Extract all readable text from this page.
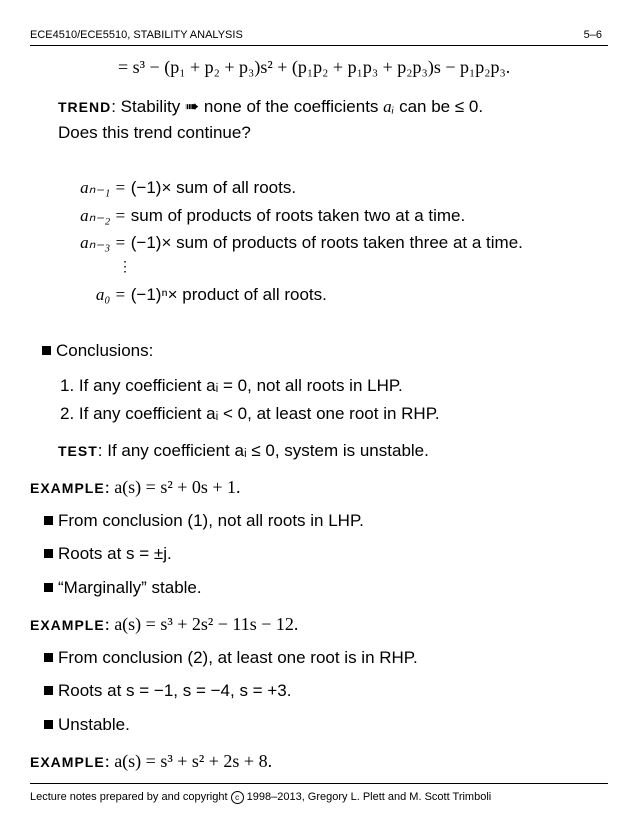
ECE4510/ECE5510, STABILITY ANALYSIS	5–6
= s³ − (p₁ + p₂ + p₃)s² + (p₁p₂ + p₁p₃ + p₂p₃)s − p₁p₂p₃.
TREND: Stability ➠ none of the coefficients aᵢ can be ≤ 0.
Does this trend continue?
aₙ₋₁ = (−1)× sum of all roots.
aₙ₋₂ = sum of products of roots taken two at a time.
aₙ₋₃ = (−1)× sum of products of roots taken three at a time.
⋮
a₀ = (−1)ⁿ× product of all roots.
Conclusions:
1. If any coefficient aᵢ = 0, not all roots in LHP.
2. If any coefficient aᵢ < 0, at least one root in RHP.
TEST: If any coefficient aᵢ ≤ 0, system is unstable.
EXAMPLE: a(s) = s² + 0s + 1.
From conclusion (1), not all roots in LHP.
Roots at s = ±j.
“Marginally” stable.
EXAMPLE: a(s) = s³ + 2s² − 11s − 12.
From conclusion (2), at least one root is in RHP.
Roots at s = −1, s = −4, s = +3.
Unstable.
EXAMPLE: a(s) = s³ + s² + 2s + 8.
Lecture notes prepared by and copyright c 1998–2013, Gregory L. Plett and M. Scott Trimboli
